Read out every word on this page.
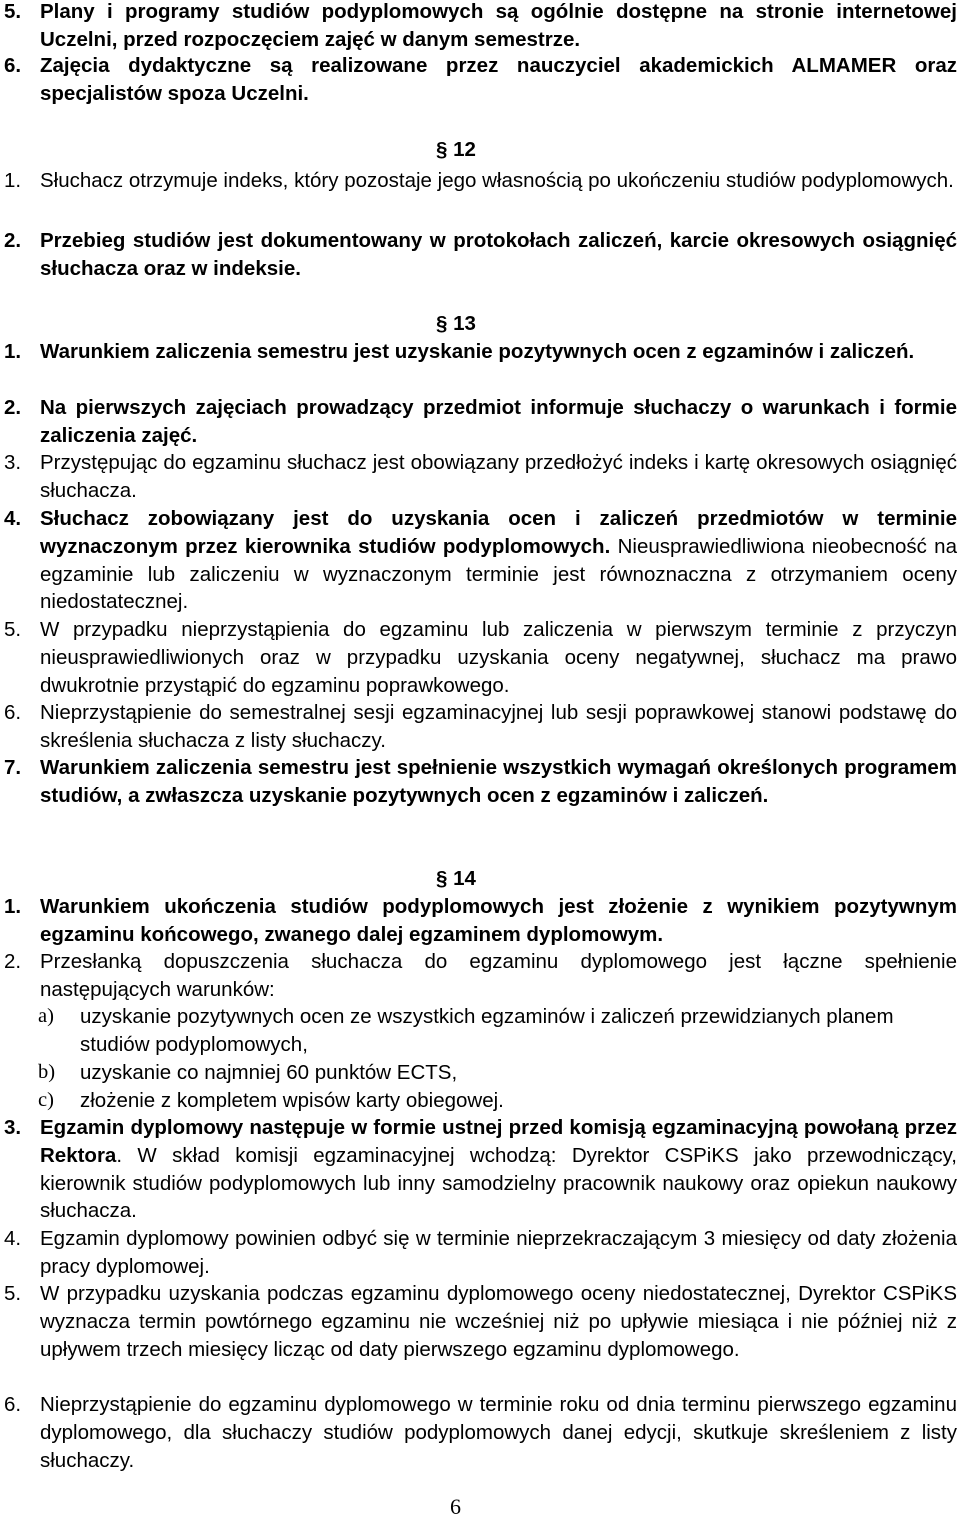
5. Plany i programy studiów podyplomowych są ogólnie dostępne na stronie internetowej Uczelni, przed rozpoczęciem zajęć w danym semestrze.
6. Zajęcia dydaktyczne są realizowane przez nauczyciel akademickich ALMAMER oraz specjalistów spoza Uczelni.
§ 12
1. Słuchacz otrzymuje indeks, który pozostaje jego własnością po ukończeniu studiów podyplomowych.
2. Przebieg studiów jest dokumentowany w protokołach zaliczeń, karcie okresowych osiągnięć słuchacza oraz w indeksie.
§ 13
1. Warunkiem zaliczenia semestru jest uzyskanie pozytywnych ocen z egzaminów i zaliczeń.
2. Na pierwszych zajęciach prowadzący przedmiot informuje słuchaczy o warunkach i formie zaliczenia zajęć.
3. Przystępując do egzaminu słuchacz jest obowiązany przedłożyć indeks i kartę okresowych osiągnięć słuchacza.
4. Słuchacz zobowiązany jest do uzyskania ocen i zaliczeń przedmiotów w terminie wyznaczonym przez kierownika studiów podyplomowych. Nieusprawiedliwiona nieobecność na egzaminie lub zaliczeniu w wyznaczonym terminie jest równoznaczna z otrzymaniem oceny niedostatecznej.
5. W przypadku nieprzystąpienia do egzaminu lub zaliczenia w pierwszym terminie z przyczyn nieusprawiedliwionych oraz w przypadku uzyskania oceny negatywnej, słuchacz ma prawo dwukrotnie przystąpić do egzaminu poprawkowego.
6. Nieprzystąpienie do semestralnej sesji egzaminacyjnej lub sesji poprawkowej stanowi podstawę do skreślenia słuchacza z listy słuchaczy.
7. Warunkiem zaliczenia semestru jest spełnienie wszystkich wymagań określonych programem studiów, a zwłaszcza uzyskanie pozytywnych ocen z egzaminów i zaliczeń.
§ 14
1. Warunkiem ukończenia studiów podyplomowych jest złożenie z wynikiem pozytywnym egzaminu końcowego, zwanego dalej egzaminem dyplomowym.
2. Przesłanką dopuszczenia słuchacza do egzaminu dyplomowego jest łączne spełnienie następujących warunków:
a) uzyskanie pozytywnych ocen ze wszystkich egzaminów i zaliczeń przewidzianych planem studiów podyplomowych,
b) uzyskanie co najmniej 60 punktów ECTS,
c) złożenie z kompletem wpisów karty obiegowej.
3. Egzamin dyplomowy następuje w formie ustnej przed komisją egzaminacyjną powołaną przez Rektora. W skład komisji egzaminacyjnej wchodzą: Dyrektor CSPiKS jako przewodniczący, kierownik studiów podyplomowych lub inny samodzielny pracownik naukowy oraz opiekun naukowy słuchacza.
4. Egzamin dyplomowy powinien odbyć się w terminie nieprzekraczającym 3 miesięcy od daty złożenia pracy dyplomowej.
5. W przypadku uzyskania podczas egzaminu dyplomowego oceny niedostatecznej, Dyrektor CSPiKS wyznacza termin powtórnego egzaminu nie wcześniej niż po upływie miesiąca i nie później niż z upływem trzech miesięcy licząc od daty pierwszego egzaminu dyplomowego.
6. Nieprzystąpienie do egzaminu dyplomowego w terminie roku od dnia terminu pierwszego egzaminu dyplomowego, dla słuchaczy studiów podyplomowych danej edycji, skutkuje skreśleniem z listy słuchaczy.
6
